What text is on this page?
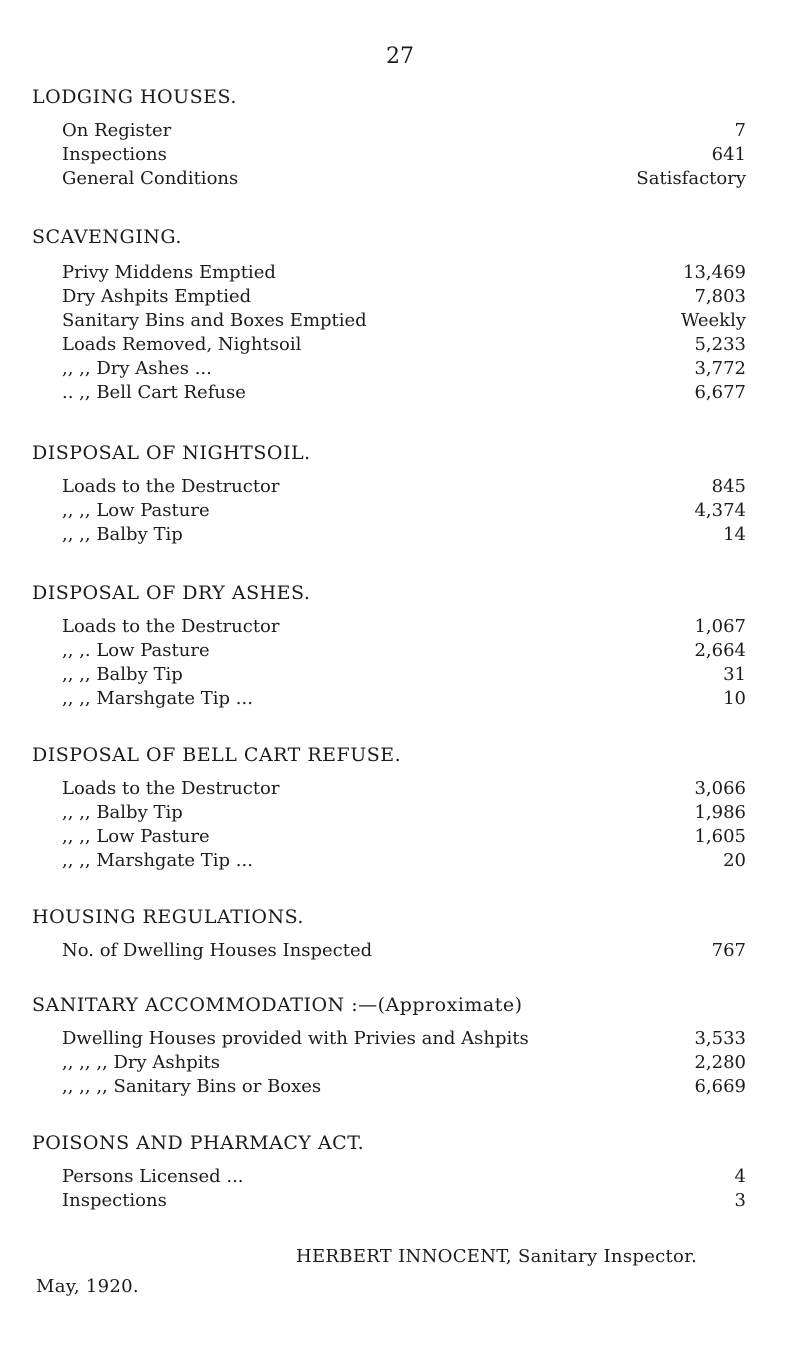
27
LODGING HOUSES.
On Register	7
Inspections	641
General Conditions	Satisfactory
SCAVENGING.
Privy Middens Emptied	13,469
Dry Ashpits Emptied	7,803
Sanitary Bins and Boxes Emptied	Weekly
Loads Removed, Nightsoil	5,233
,, ,, Dry Ashes ...	3,772
.. ,, Bell Cart Refuse	6,677
DISPOSAL OF NIGHTSOIL.
Loads to the Destructor	845
,, ,, Low Pasture	4,374
,, ,, Balby Tip	14
DISPOSAL OF DRY ASHES.
Loads to the Destructor	1,067
,, ,. Low Pasture	2,664
,, ,, Balby Tip	31
,, ,, Marshgate Tip ...	10
DISPOSAL OF BELL CART REFUSE.
Loads to the Destructor	3,066
,, ,, Balby Tip	1,986
,, ,, Low Pasture	1,605
,, ,, Marshgate Tip ...	20
HOUSING REGULATIONS.
No. of Dwelling Houses Inspected	767
SANITARY ACCOMMODATION :—(Approximate)
Dwelling Houses provided with Privies and Ashpits	3,533
,, ,, ,, Dry Ashpits	2,280
,, ,, ,, Sanitary Bins or Boxes	6,669
POISONS AND PHARMACY ACT.
Persons Licensed ...	4
Inspections	3
HERBERT INNOCENT, Sanitary Inspector.
May, 1920.
